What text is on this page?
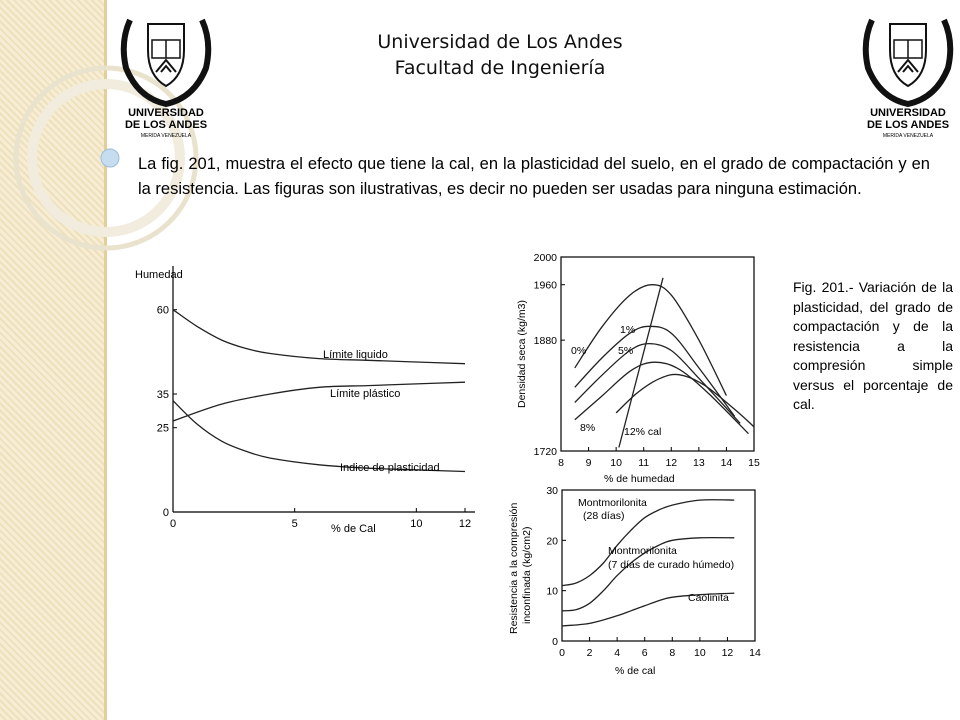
UNIVERSIDAD
DE LOS ANDES
MERIDA VENEZUELA
UNIVERSIDAD
DE LOS ANDES
MERIDA VENEZUELA
Universidad de Los Andes
Facultad de Ingeniería
La fig. 201, muestra el efecto que tiene la cal, en la plasticidad del suelo, en el grado de compactación y en la resistencia. Las figuras son ilustrativas, es decir no pueden ser usadas para ninguna estimación.
0	5	10	12
0
25
35
60
Humedad
% de Cal
Límite liquido
Límite plástico
Indice de plasticidad	8 9 10 11 12 13 14 15
1720
1880
1960
2000
Densidad seca (kg/m3)
% de humedad
0%
1%
5%
8%	12% cal
0 2 4 6 8 10 12 14
0
10
20
30
Resistencia a la compresión inconfinada (kg/cm2)
% de cal
Montmorilonita
(28 días)
Montmorilonita
(7 días de curado húmedo)
Caolinita
Fig. 201.- Variación de la plasticidad, del grado de compactación y de la resistencia a la compresión simple versus el porcentaje de cal.
